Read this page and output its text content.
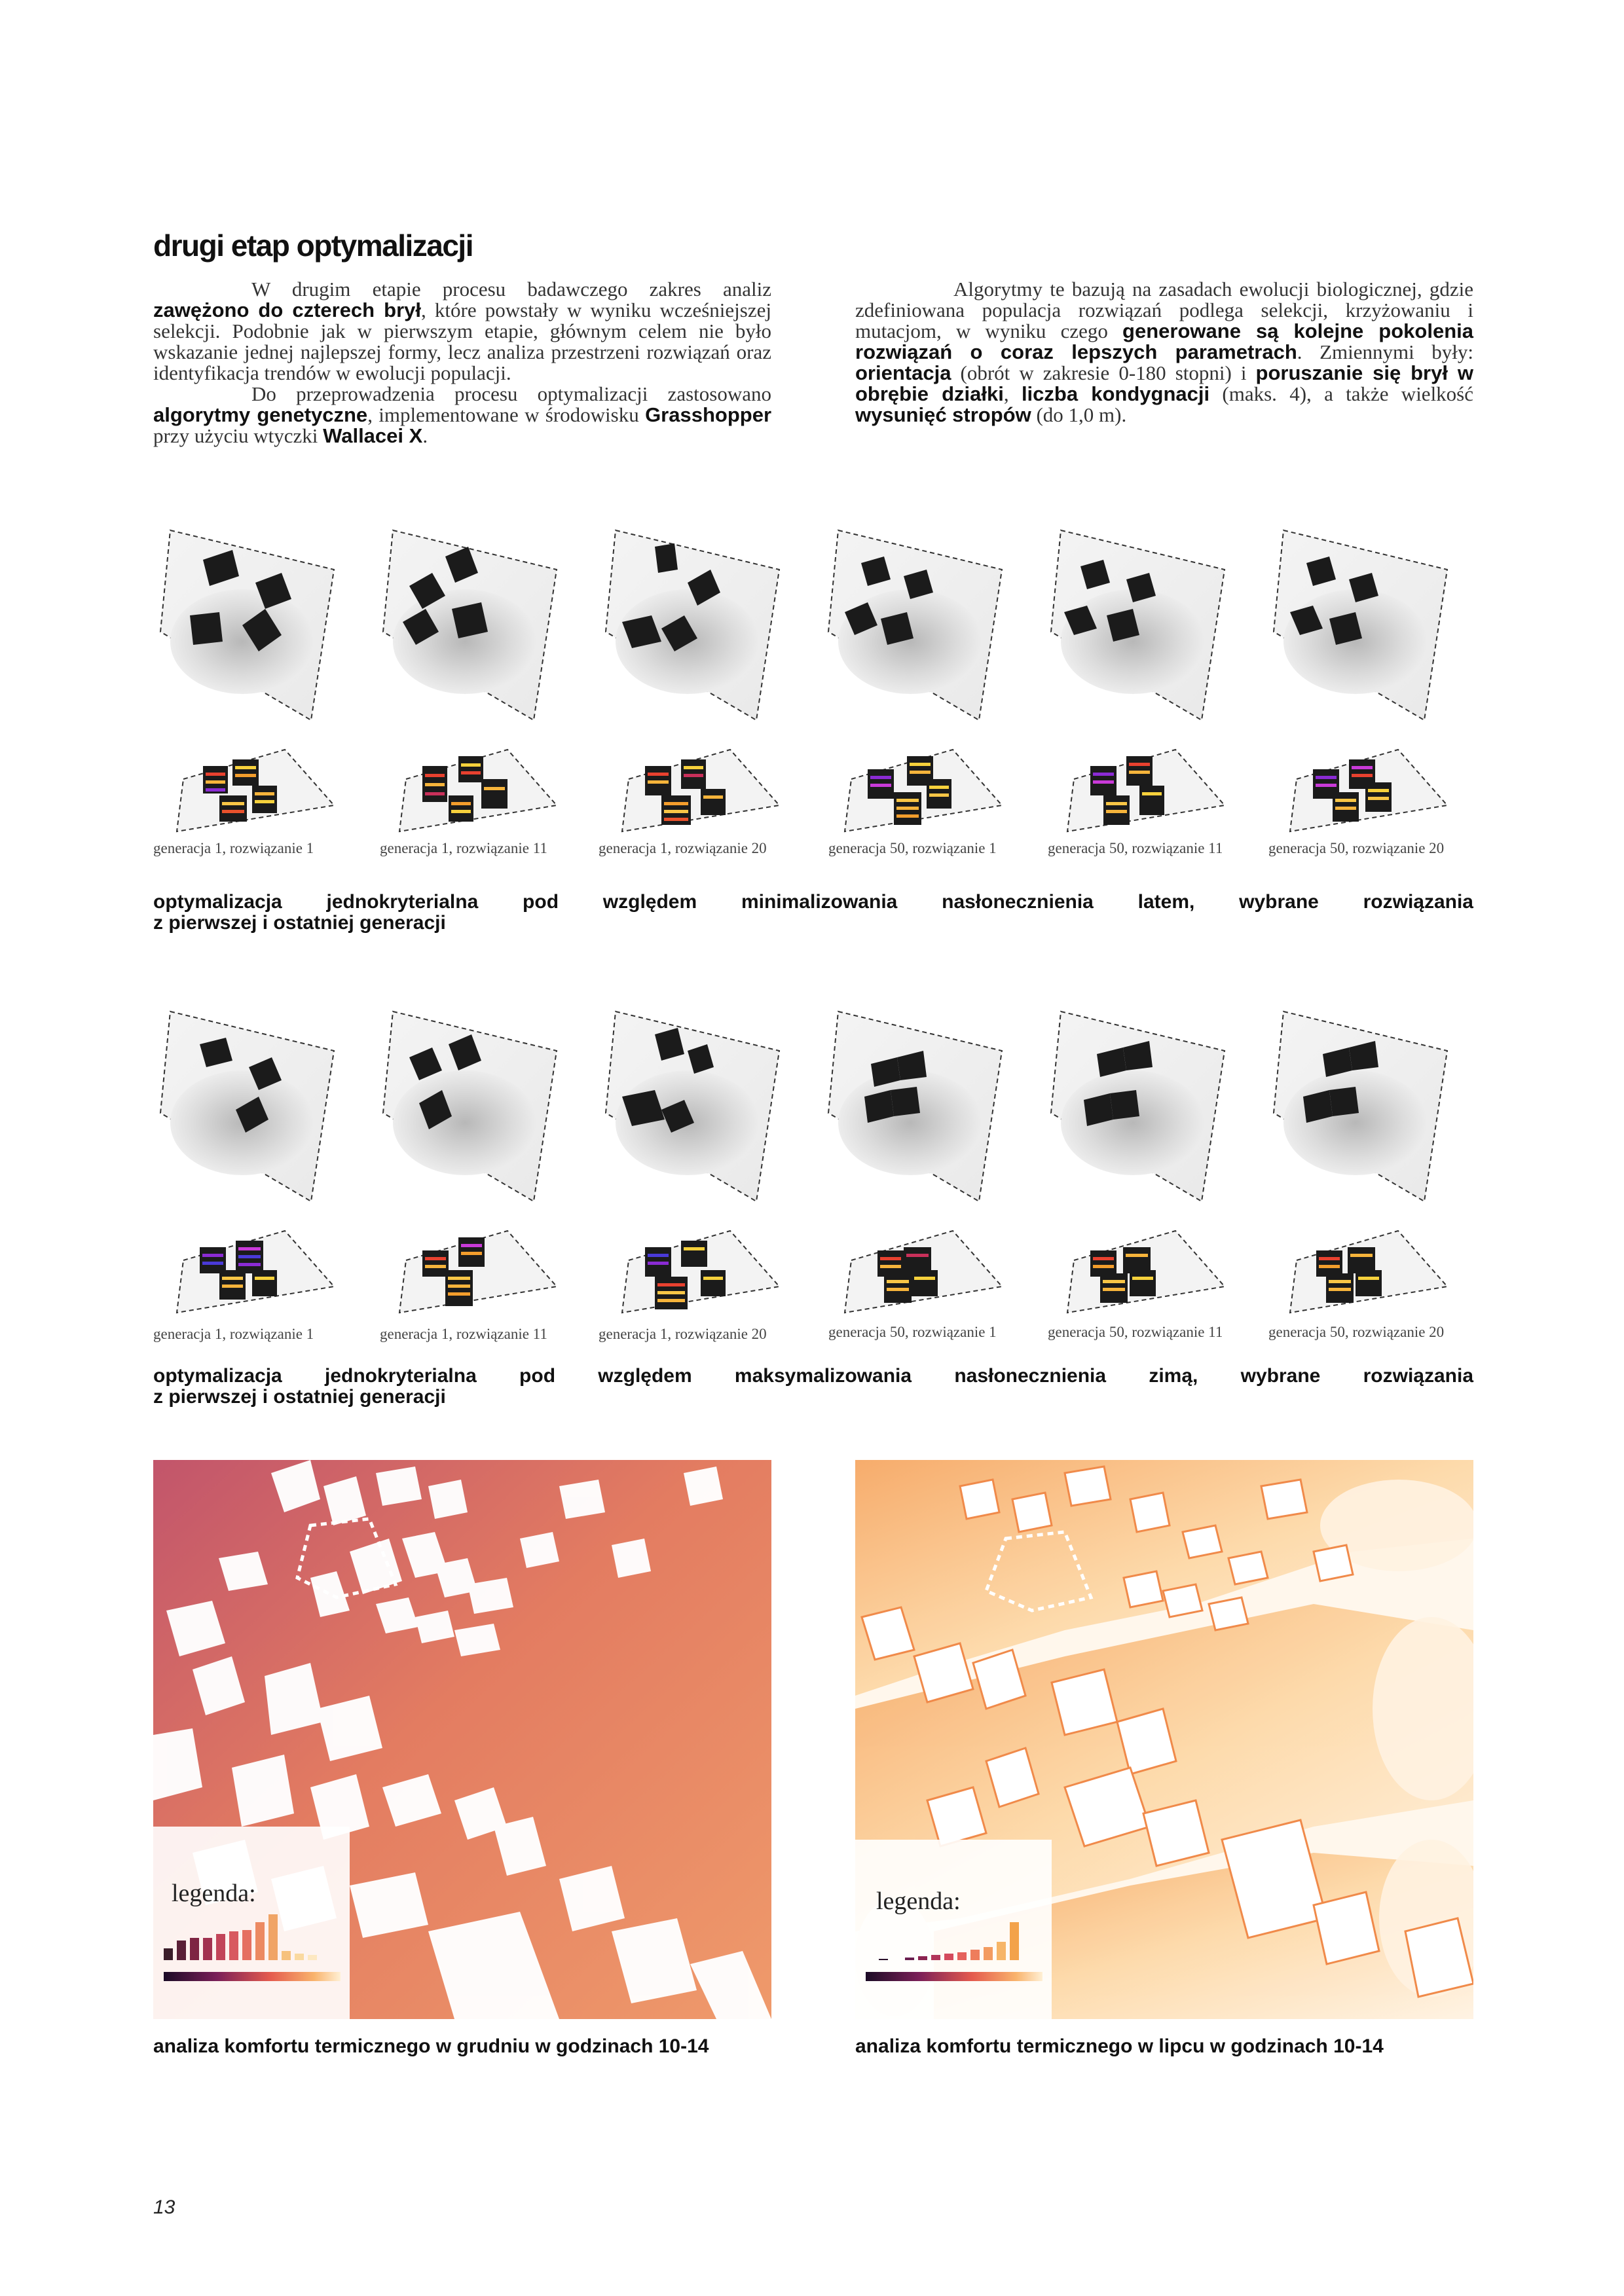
drugi etap optymalizacji

W drugim etapie procesu badawczego zakres analiz zawężono do czterech brył, które powstały w wyniku wcześniejszej selekcji. Podobnie jak w pierwszym etapie, głównym celem nie było wskazanie jednej najlepszej formy, lecz analiza przestrzeni rozwiązań oraz identyfikacja trendów w ewolucji populacji.

Do przeprowadzenia procesu optymalizacji zastosowano algorytmy genetyczne, implementowane w środowisku Grasshopper przy użyciu wtyczki Wallacei X.

Algorytmy te bazują na zasadach ewolucji biologicznej, gdzie zdefiniowana populacja rozwiązań podlega selekcji, krzyżowaniu i mutacjom, w wyniku czego generowane są kolejne pokolenia rozwiązań o coraz lepszych parametrach. Zmiennymi były: orientacja (obrót w zakresie 0-180 stopni) i poruszanie się brył w obrębie działki, liczba kondygnacji (maks. 4), a także wielkość wysunięć stropów (do 1,0 m).

generacja 1, rozwiązanie 1	generacja 1, rozwiązanie 11	generacja 1, rozwiązanie 20	generacja 50, rozwiązanie 1	generacja 50, rozwiązanie 11	generacja 50, rozwiązanie 20
optymalizacja jednokryterialna pod względem minimalizowania nasłonecznienia latem, wybrane rozwiązania
z pierwszej i ostatniej generacji
generacja 1, rozwiązanie 1	generacja 1, rozwiązanie 11	generacja 1, rozwiązanie 20	generacja 50, rozwiązanie 1	generacja 50, rozwiązanie 11	generacja 50, rozwiązanie 20
optymalizacja jednokryterialna pod względem maksymalizowania nasłonecznienia zimą, wybrane rozwiązania
z pierwszej i ostatniej generacji
legenda:	legenda:
analiza komfortu termicznego w grudniu w godzinach 10-14	analiza komfortu termicznego w lipcu w godzinach 10-14
13
